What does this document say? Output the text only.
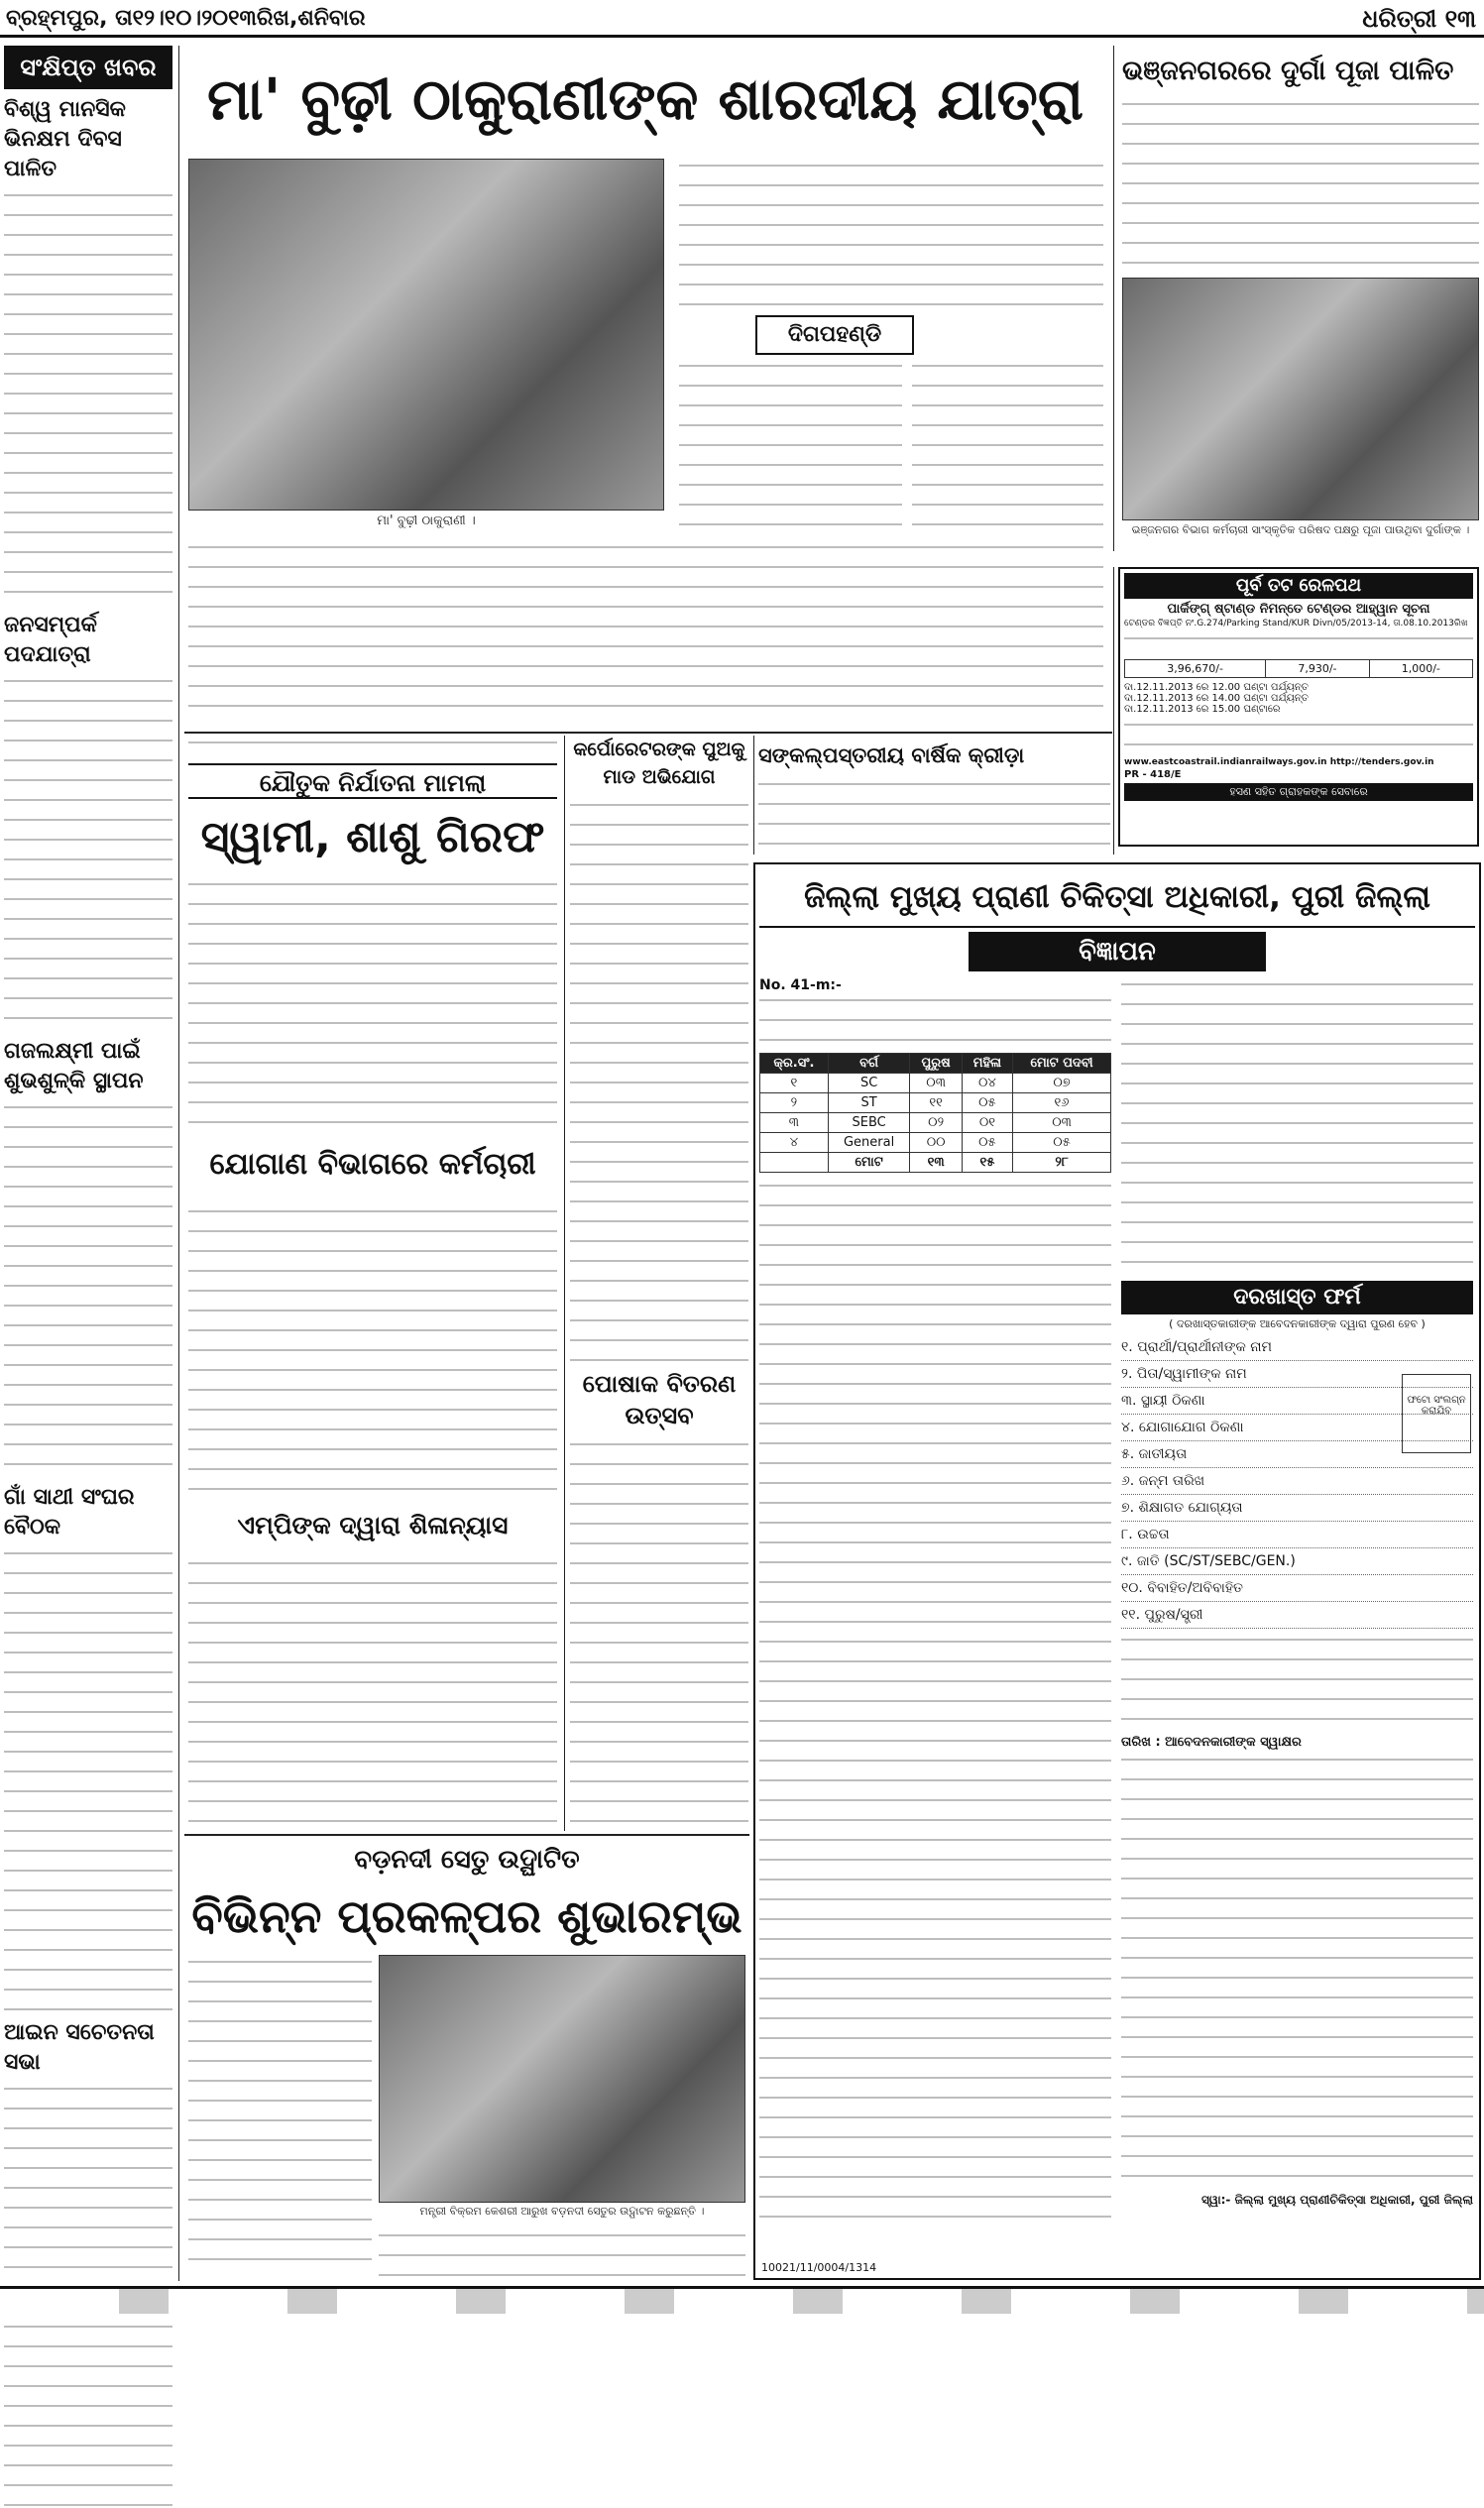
ବ୍ରହ୍ମପୁର, ତା୧୨।୧୦।୨୦୧୩ରିଖ,ଶନିବାର	ଧରିତ୍ରୀ ୧୩
ସଂକ୍ଷିପ୍ତ ଖବର
ବିଶ୍ୱ ମାନସିକ ଭିନକ୍ଷମ ଦିବସ ପାଳିତ
ଜନସମ୍ପର୍କ ପଦଯାତ୍ରା
ଗଜଲକ୍ଷ୍ମୀ ପାଇଁ ଶୁଭଶୁଳ୍କି ସ୍ଥାପନ
ଗାଁ ସାଥୀ ସଂଘର ବୈଠକ
ଆଇନ ସଚେତନତା ସଭା
ମା' ବୁଢ଼ୀ ଠାକୁରାଣୀଙ୍କ ଶାରଦୀୟ ଯାତ୍ରା
ମା' ବୁଢ଼ୀ ଠାକୁରାଣୀ ।
ଦିଗପହଣ୍ଡି
ଭଞ୍ଜନଗରରେ ଦୁର୍ଗା ପୂଜା ପାଳିତ
ଭଞ୍ଜନଗର ବିଭାଗ କର୍ମଚାରୀ ସାଂସ୍କୃତିକ ପରିଷଦ ପକ୍ଷରୁ ପୂଜା ପାଉଥିବା ଦୁର୍ଗାଙ୍କ ।
ପୂର୍ବ ତଟ ରେଳପଥ
ପାର୍କିଙ୍ଗ୍ ଷ୍ଟାଣ୍ଡ ନିମନ୍ତେ ଟେଣ୍ଡର ଆହ୍ୱାନ ସୂଚନା
ଟେଣ୍ଡର ବିଜ୍ଞପ୍ତି ନଂ.G.274/Parking Stand/KUR Divn/05/2013-14, ତା.08.10.2013ରିଖ
3,96,670/-	7,930/-	1,000/-
ଦା.12.11.2013 ରେ 12.00 ଘଣ୍ଟା ପର୍ଯ୍ୟନ୍ତ
ଦା.12.11.2013 ରେ 14.00 ଘଣ୍ଟା ପର୍ଯ୍ୟନ୍ତ
ଦା.12.11.2013 ରେ 15.00 ଘଣ୍ଟାରେ
www.eastcoastrail.indianrailways.gov.in http://tenders.gov.in
PR - 418/E
ହସଣ ସହିତ ଗ୍ରାହକଙ୍କ ସେବାରେ
ଯୌତୁକ ନିର୍ଯାତନା ମାମଲା
ସ୍ୱାମୀ, ଶାଶୁ ଗିରଫ
ଯୋଗାଣ ବିଭାଗରେ କର୍ମଚାରୀ
ଏମ୍ପିଙ୍କ ଦ୍ୱାରା ଶିଳାନ୍ୟାସ
କର୍ପୋରେଟରଙ୍କ ପୁଅକୁ ମାଡ ଅଭିଯୋଗ
ପୋଷାକ ବିତରଣ ଉତ୍ସବ
ସଙ୍କଲ୍ପସ୍ତରୀୟ ବାର୍ଷିକ କ୍ରୀଡ଼ା
ବଡ଼ନଦୀ ସେତୁ ଉଦ୍ଘାଟିତ
ବିଭିନ୍ନ ପ୍ରକଳ୍ପର ଶୁଭାରମ୍ଭ
ମନ୍ତ୍ରୀ ବିକ୍ରମ କେଶରୀ ଆରୁଖ ବଡ଼ନଦୀ ସେତୁର ଉଦ୍ଘାଟନ କରୁଛନ୍ତି ।
ଜିଲ୍ଲା ମୁଖ୍ୟ ପ୍ରାଣୀ ଚିକିତ୍ସା ଅଧିକାରୀ, ପୁରୀ ଜିଲ୍ଲା
ବିଜ୍ଞାପନ
No. 41-m:-
କ୍ର.ସଂ.	ବର୍ଗ	ପୁରୁଷ	ମହିଳା	ମୋଟ ପଦବୀ
୧	SC	୦୩	୦୪	୦୭
୨	ST	୧୧	୦୫	୧୬
୩	SEBC	୦୨	୦୧	୦୩
୪	General	୦୦	୦୫	୦୫
	ମୋଟ	୧୩	୧୫	୨୮
ଦରଖାସ୍ତ ଫର୍ମ
( ଦରଖାସ୍ତକାରୀଙ୍କ ଆବେଦନକାରୀଙ୍କ ଦ୍ୱାରା ପୁରଣ ହେବ )
ଫଟୋ ସଂଲଗ୍ନ କରାଯିବ
୧. ପ୍ରାର୍ଥୀ/ପ୍ରାର୍ଥୀନୀଙ୍କ ନାମ
୨. ପିତା/ସ୍ୱାମୀଙ୍କ ନାମ
୩. ସ୍ଥାୟୀ ଠିକଣା
୪. ଯୋଗାଯୋଗ ଠିକଣା
୫. ଜାତୀୟତା
୬. ଜନ୍ମ ତାରିଖ
୭. ଶିକ୍ଷାଗତ ଯୋଗ୍ୟତା
୮. ଉଚ୍ଚତା
୯. ଜାତି (SC/ST/SEBC/GEN.)
୧୦. ବିବାହିତ/ଅବିବାହିତ
୧୧. ପୁରୁଷ/ସ୍ତ୍ରୀ
ତାରିଖ : ଆବେଦନକାରୀଙ୍କ ସ୍ୱାକ୍ଷର
ସ୍ୱା:- ଜିଲ୍ଲା ମୁଖ୍ୟ ପ୍ରାଣୀଚିକିତ୍ସା ଅଧିକାରୀ, ପୁରୀ ଜିଲ୍ଲା
10021/11/0004/1314
